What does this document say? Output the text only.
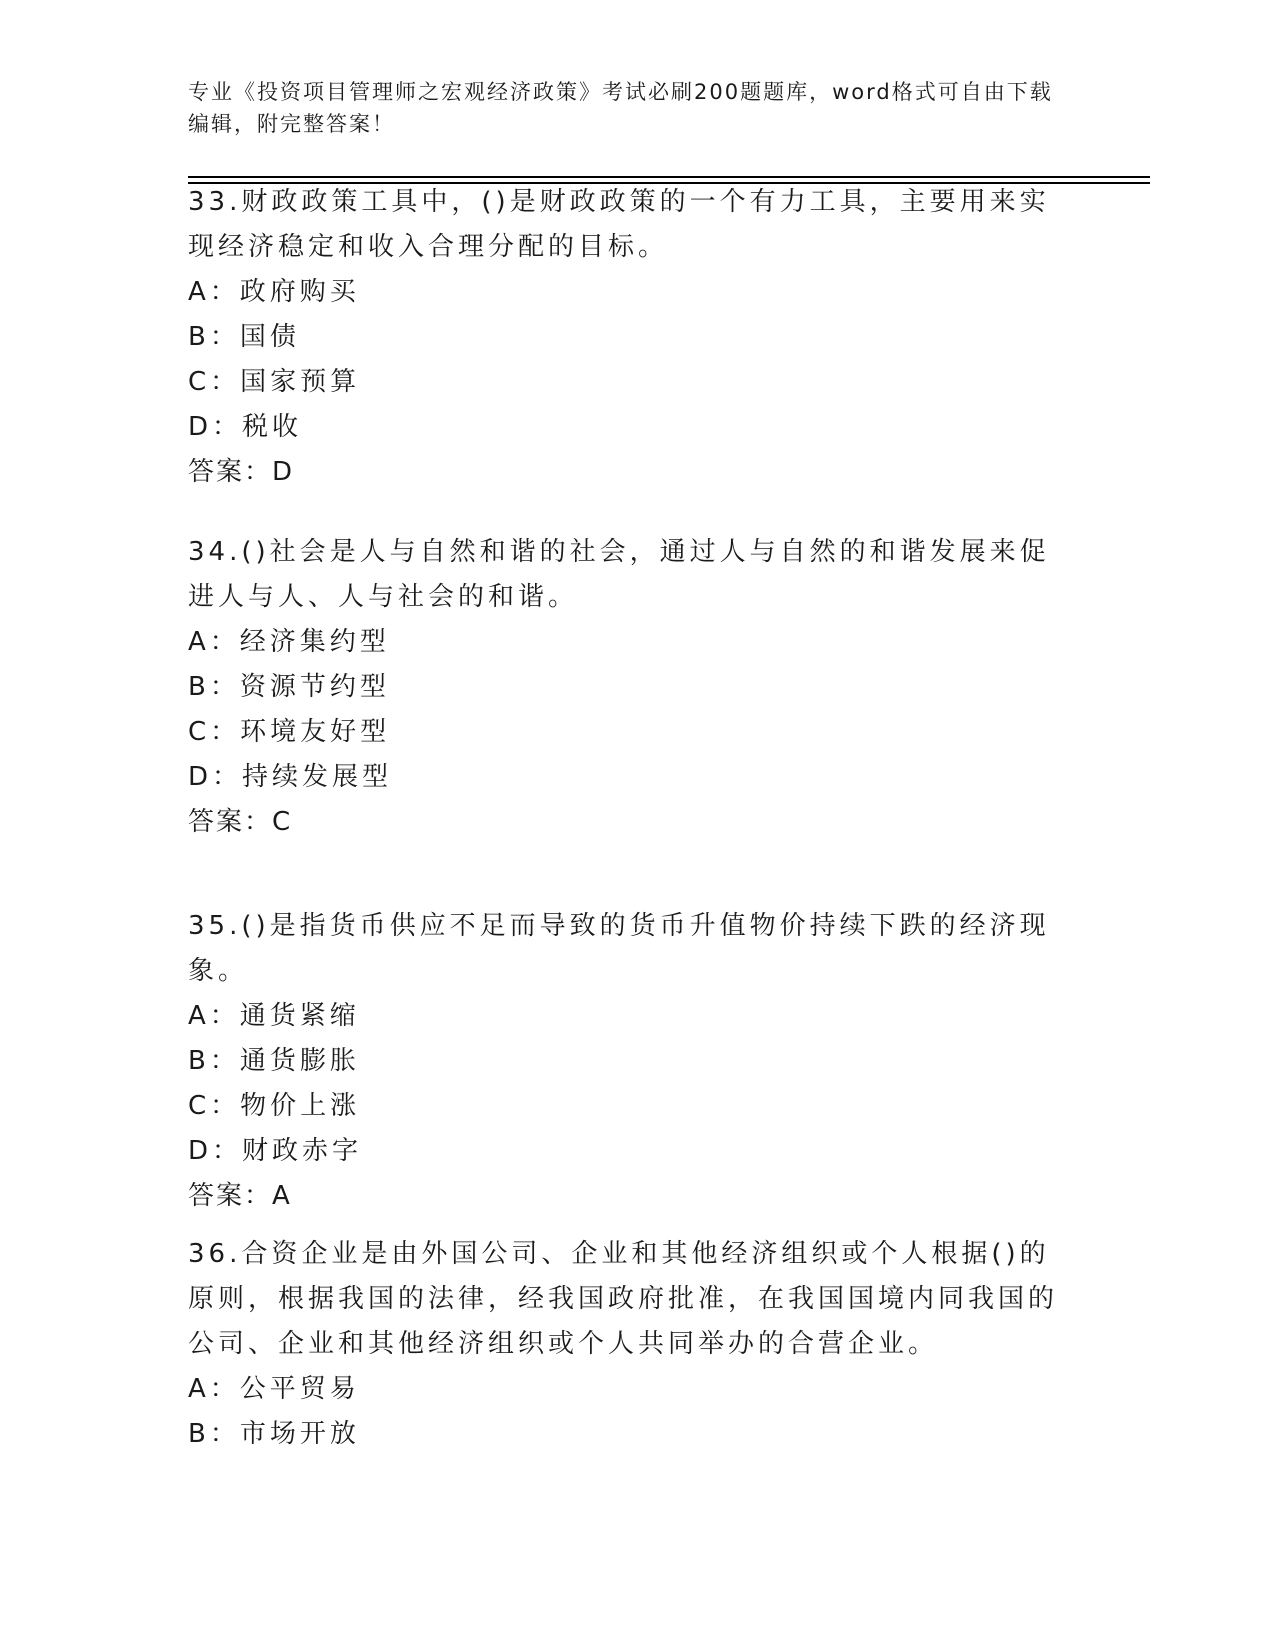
专业《投资项目管理师之宏观经济政策》考试必刷200题题库，word格式可自由下载编辑，附完整答案！

33.财政政策工具中，()是财政政策的一个有力工具，主要用来实现经济稳定和收入合理分配的目标。

A：政府购买

B：国债

C：国家预算

D：税收

答案：D

34.()社会是人与自然和谐的社会，通过人与自然的和谐发展来促进人与人、人与社会的和谐。

A：经济集约型

B：资源节约型

C：环境友好型

D：持续发展型

答案：C

35.()是指货币供应不足而导致的货币升值物价持续下跌的经济现象。

A：通货紧缩

B：通货膨胀

C：物价上涨

D：财政赤字

答案：A

36.合资企业是由外国公司、企业和其他经济组织或个人根据()的原则，根据我国的法律，经我国政府批准，在我国国境内同我国的公司、企业和其他经济组织或个人共同举办的合营企业。

A：公平贸易

B：市场开放
